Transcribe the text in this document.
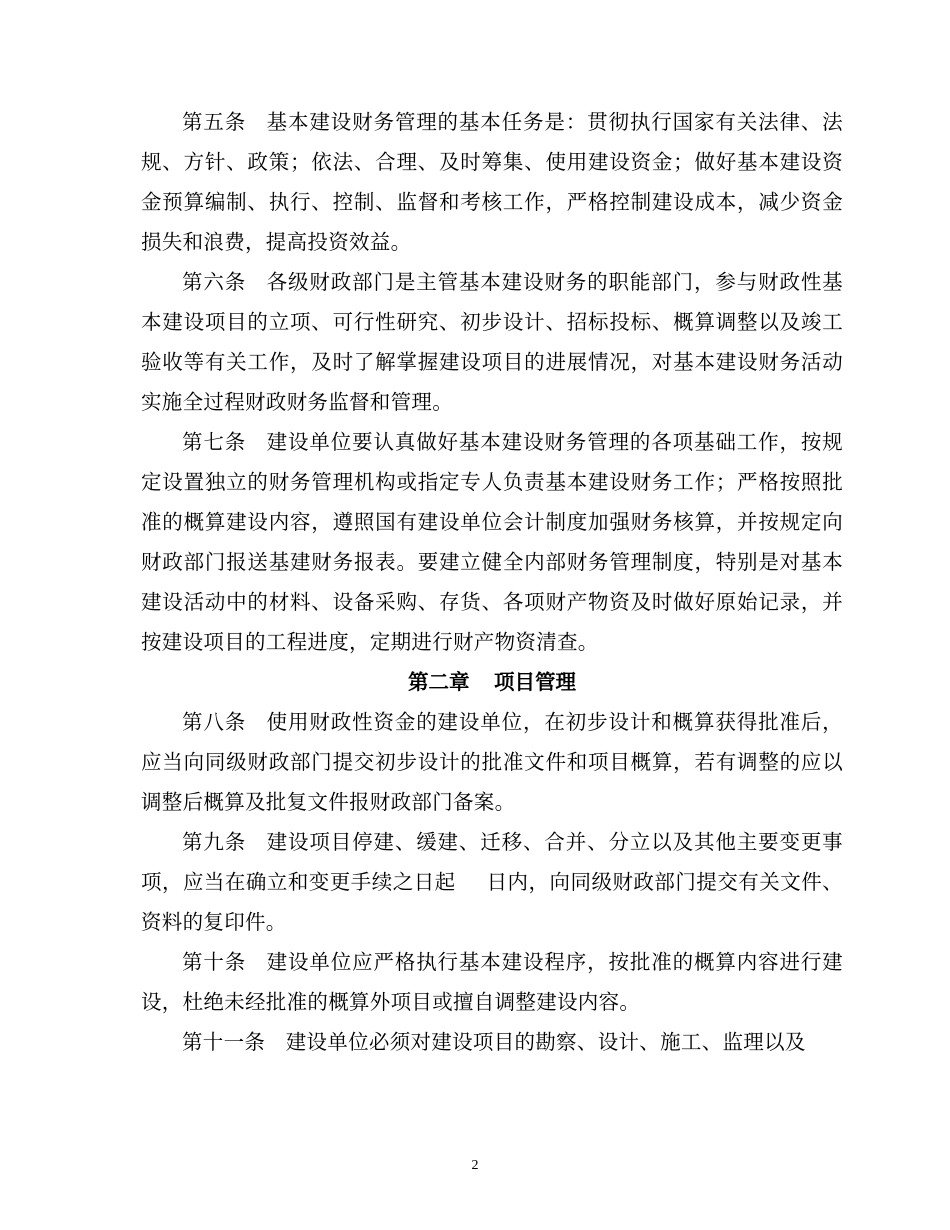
第五条 基本建设财务管理的基本任务是：贯彻执行国家有关法律、法规、方针、政策；依法、合理、及时筹集、使用建设资金；做好基本建设资金预算编制、执行、控制、监督和考核工作，严格控制建设成本，减少资金损失和浪费，提高投资效益。

第六条 各级财政部门是主管基本建设财务的职能部门，参与财政性基本建设项目的立项、可行性研究、初步设计、招标投标、概算调整以及竣工验收等有关工作，及时了解掌握建设项目的进展情况，对基本建设财务活动实施全过程财政财务监督和管理。

第七条 建设单位要认真做好基本建设财务管理的各项基础工作，按规定设置独立的财务管理机构或指定专人负责基本建设财务工作；严格按照批准的概算建设内容，遵照国有建设单位会计制度加强财务核算，并按规定向财政部门报送基建财务报表。要建立健全内部财务管理制度，特别是对基本建设活动中的材料、设备采购、存货、各项财产物资及时做好原始记录，并按建设项目的工程进度，定期进行财产物资清查。

第二章 项目管理

第八条 使用财政性资金的建设单位，在初步设计和概算获得批准后，应当向同级财政部门提交初步设计的批准文件和项目概算，若有调整的应以调整后概算及批复文件报财政部门备案。

第九条 建设项目停建、缓建、迁移、合并、分立以及其他主要变更事项，应当在确立和变更手续之日起 日内，向同级财政部门提交有关文件、资料的复印件。

第十条 建设单位应严格执行基本建设程序，按批准的概算内容进行建设，杜绝未经批准的概算外项目或擅自调整建设内容。

第十一条 建设单位必须对建设项目的勘察、设计、施工、监理以及

2
